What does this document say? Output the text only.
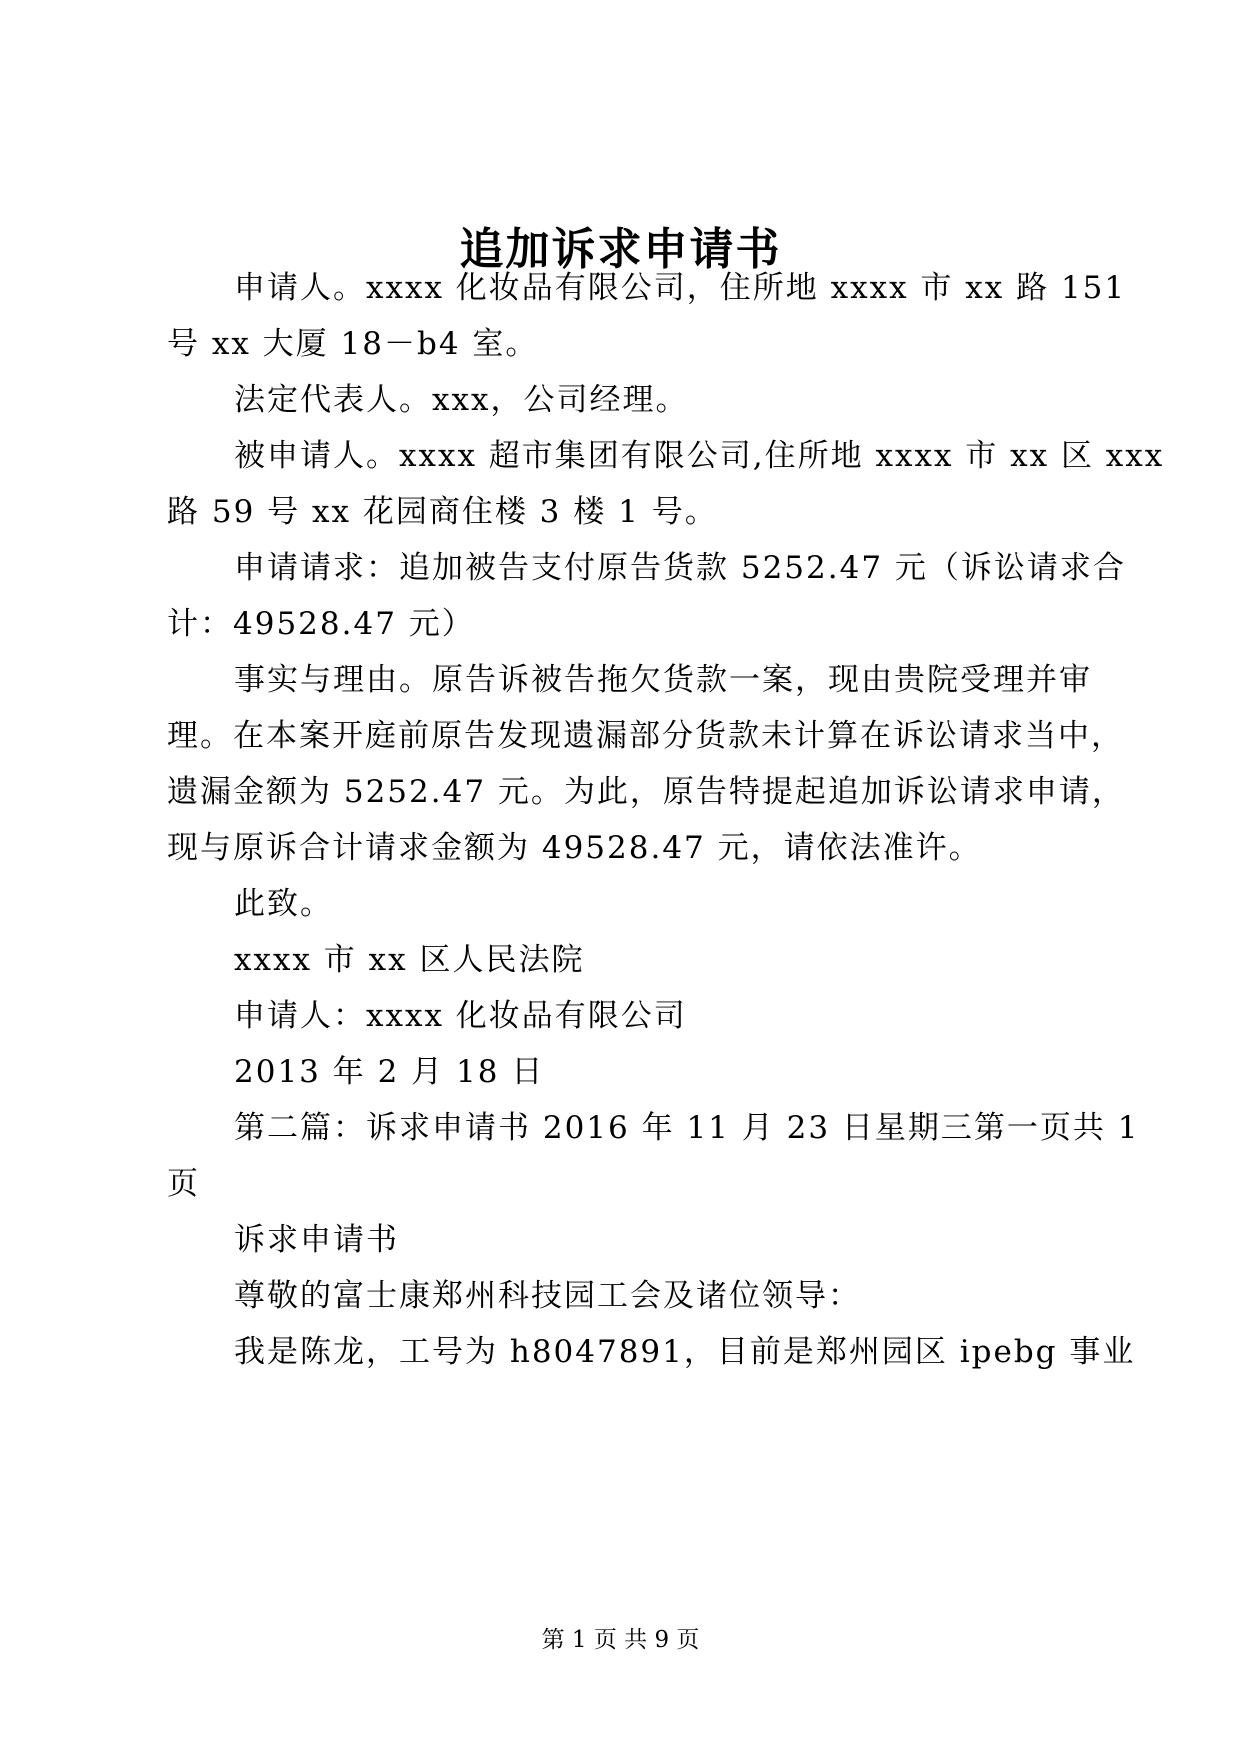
追加诉求申请书
申请人。xxxx 化妆品有限公司，住所地 xxxx 市 xx 路 151
号 xx 大厦 18－b4 室。
法定代表人。xxx，公司经理。
被申请人。xxxx 超市集团有限公司,住所地 xxxx 市 xx 区 xxx
路 59 号 xx 花园商住楼 3 楼 1 号。
申请请求：追加被告支付原告货款 5252.47 元（诉讼请求合
计：49528.47 元）
事实与理由。原告诉被告拖欠货款一案，现由贵院受理并审
理。在本案开庭前原告发现遗漏部分货款未计算在诉讼请求当中，
遗漏金额为 5252.47 元。为此，原告特提起追加诉讼请求申请，
现与原诉合计请求金额为 49528.47 元，请依法准许。
此致。
xxxx 市 xx 区人民法院
申请人：xxxx 化妆品有限公司
2013 年 2 月 18 日
第二篇：诉求申请书 2016 年 11 月 23 日星期三第一页共 1
页
诉求申请书
尊敬的富士康郑州科技园工会及诸位领导：
我是陈龙，工号为 h8047891，目前是郑州园区 ipebg 事业
第 1 页 共 9 页
